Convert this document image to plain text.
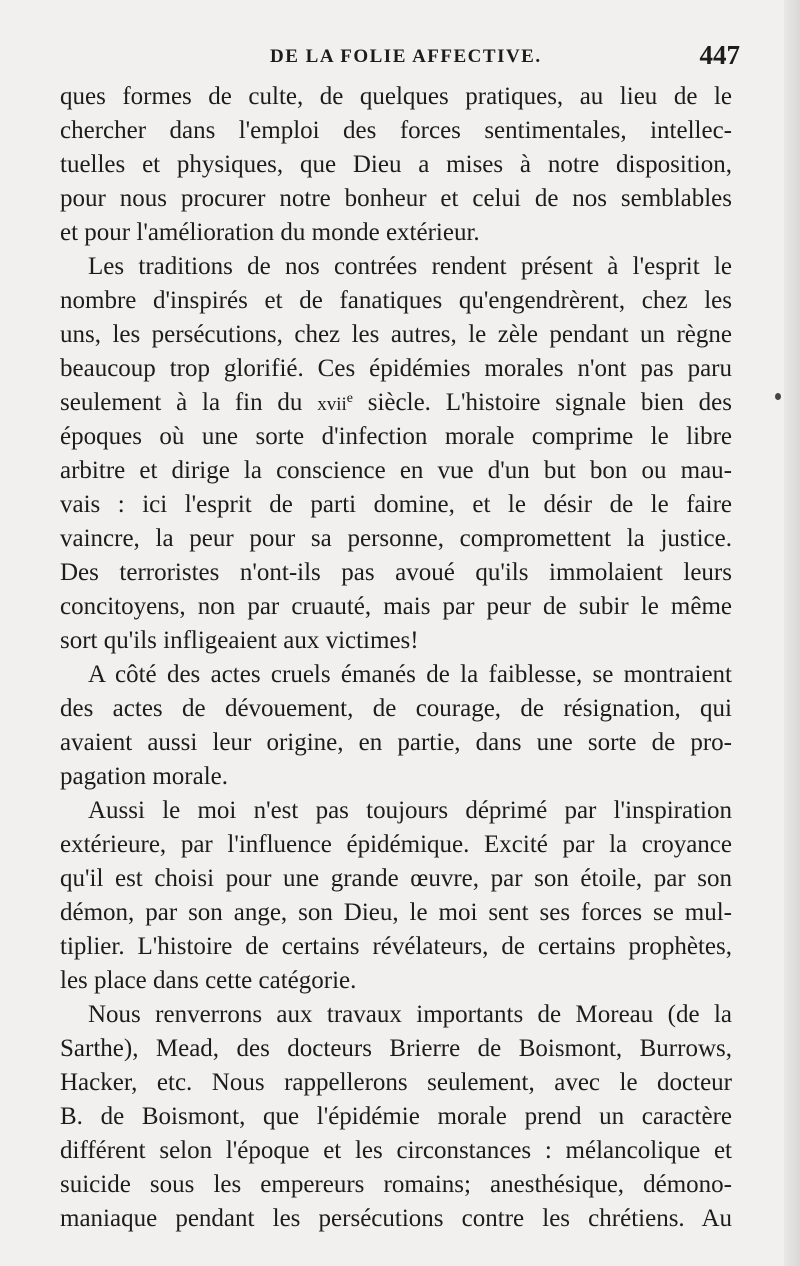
DE LA FOLIE AFFECTIVE.	447
ques formes de culte, de quelques pratiques, au lieu de le
chercher dans l'emploi des forces sentimentales, intellec-
tuelles et physiques, que Dieu a mises à notre disposition,
pour nous procurer notre bonheur et celui de nos semblables
et pour l'amélioration du monde extérieur.
Les traditions de nos contrées rendent présent à l'esprit le
nombre d'inspirés et de fanatiques qu'engendrèrent, chez les
uns, les persécutions, chez les autres, le zèle pendant un règne
beaucoup trop glorifié. Ces épidémies morales n'ont pas paru
seulement à la fin du xvii$^e$ siècle. L'histoire signale bien des
époques où une sorte d'infection morale comprime le libre
arbitre et dirige la conscience en vue d'un but bon ou mau-
vais : ici l'esprit de parti domine, et le désir de le faire
vaincre, la peur pour sa personne, compromettent la justice.
Des terroristes n'ont-ils pas avoué qu'ils immolaient leurs
concitoyens, non par cruauté, mais par peur de subir le même
sort qu'ils infligeaient aux victimes!
A côté des actes cruels émanés de la faiblesse, se montraient
des actes de dévouement, de courage, de résignation, qui
avaient aussi leur origine, en partie, dans une sorte de pro-
pagation morale.
Aussi le moi n'est pas toujours déprimé par l'inspiration
extérieure, par l'influence épidémique. Excité par la croyance
qu'il est choisi pour une grande œuvre, par son étoile, par son
démon, par son ange, son Dieu, le moi sent ses forces se mul-
tiplier. L'histoire de certains révélateurs, de certains prophètes,
les place dans cette catégorie.
Nous renverrons aux travaux importants de Moreau (de la
Sarthe), Mead, des docteurs Brierre de Boismont, Burrows,
Hacker, etc. Nous rappellerons seulement, avec le docteur
B. de Boismont, que l'épidémie morale prend un caractère
différent selon l'époque et les circonstances : mélancolique et
suicide sous les empereurs romains; anesthésique, démono-
maniaque pendant les persécutions contre les chrétiens. Au
